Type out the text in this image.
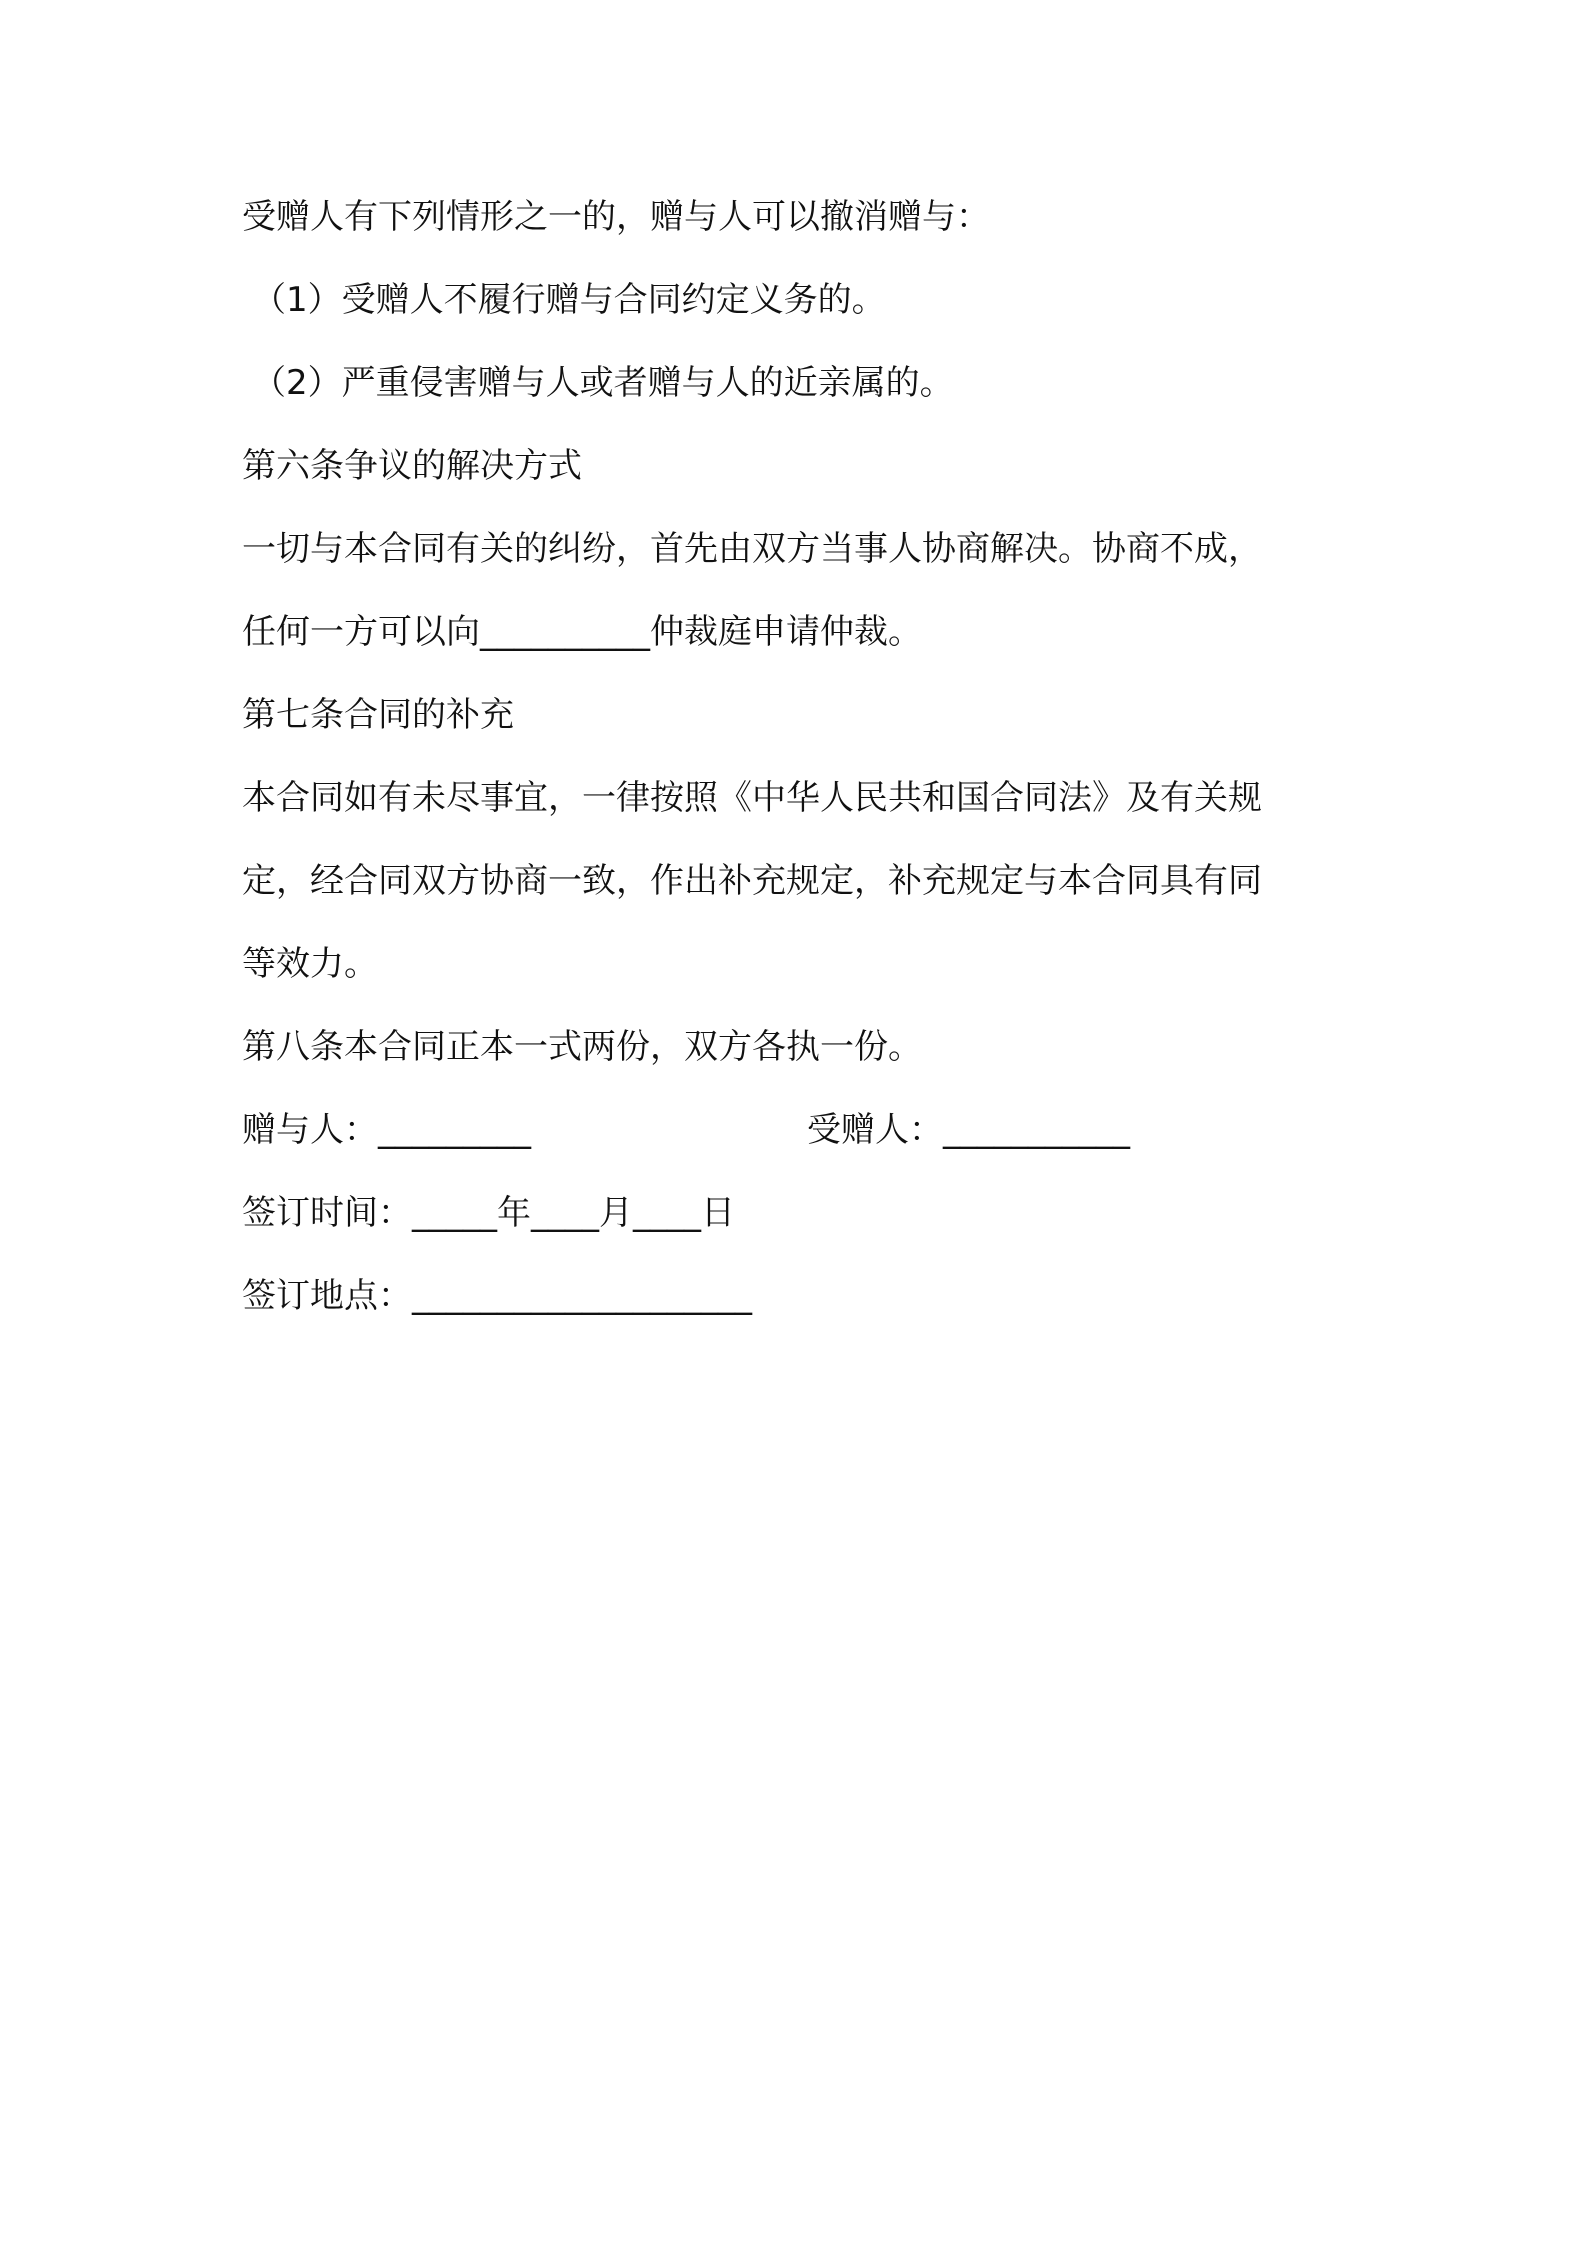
受赠人有下列情形之一的，赠与人可以撤消赠与：
（1）受赠人不履行赠与合同约定义务的。
（2）严重侵害赠与人或者赠与人的近亲属的。
第六条争议的解决方式
一切与本合同有关的纠纷，首先由双方当事人协商解决。协商不成，
任何一方可以向__________仲裁庭申请仲裁。
第七条合同的补充
本合同如有未尽事宜，一律按照《中华人民共和国合同法》及有关规
定，经合同双方协商一致，作出补充规定，补充规定与本合同具有同
等效力。
第八条本合同正本一式两份，双方各执一份。
赠与人：_________	受赠人：___________
签订时间：_____年____月____日
签订地点：____________________
